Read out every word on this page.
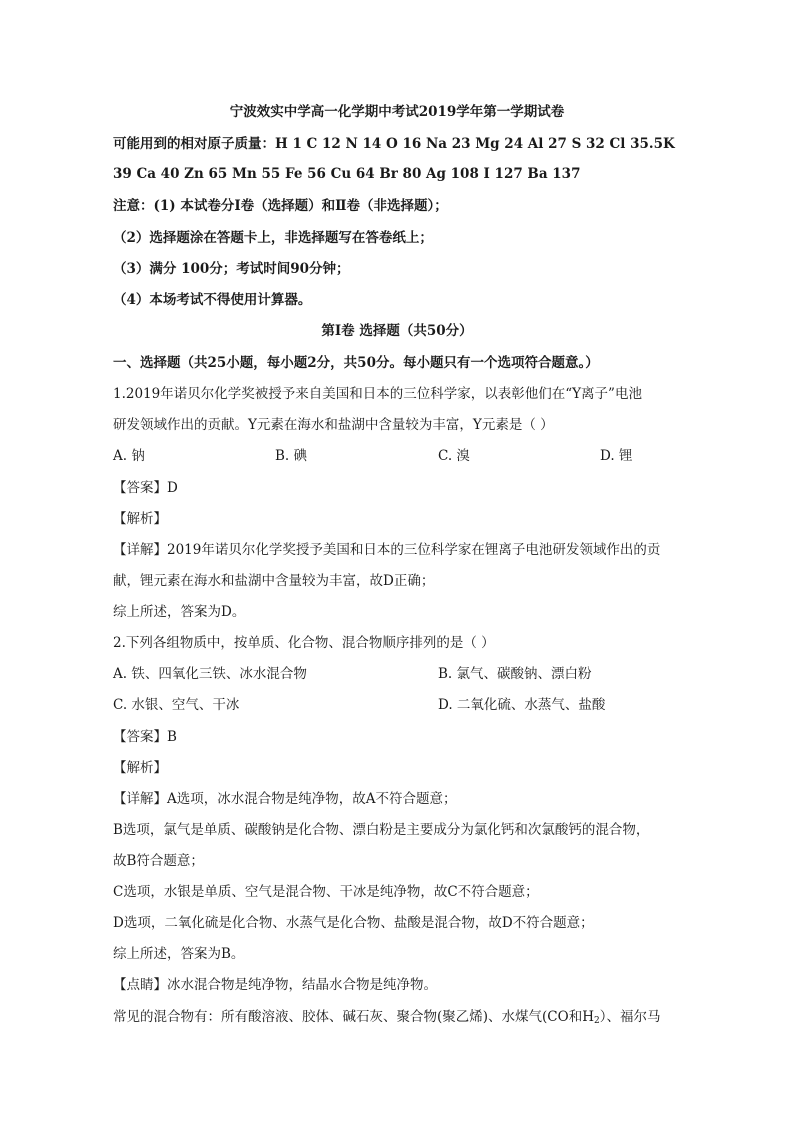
宁波效实中学高一化学期中考试2019学年第一学期试卷
可能用到的相对原子质量：H 1 C 12 N 14 O 16 Na 23 Mg 24 Al 27 S 32 Cl 35.5K
39 Ca 40 Zn 65 Mn 55 Fe 56 Cu 64 Br 80 Ag 108 I 127 Ba 137
注意：(1) 本试卷分Ⅰ卷（选择题）和Ⅱ卷（非选择题）；
（2）选择题涂在答题卡上，非选择题写在答卷纸上；
（3）满分 100分；考试时间90分钟；
（4）本场考试不得使用计算器。
第Ⅰ卷 选择题（共50分）
一、选择题（共25小题，每小题2分，共50分。每小题只有一个选项符合题意。）
1.2019年诺贝尔化学奖被授予来自美国和日本的三位科学家，以表彰他们在“Y离子”电池
研发领域作出的贡献。Y元素在海水和盐湖中含量较为丰富，Y元素是（ ）
A. 钠	B. 碘	C. 溴	D. 锂
【答案】D
【解析】
【详解】2019年诺贝尔化学奖授予美国和日本的三位科学家在锂离子电池研发领域作出的贡
献，锂元素在海水和盐湖中含量较为丰富，故D正确；
综上所述，答案为D。
2.下列各组物质中，按单质、化合物、混合物顺序排列的是（ ）
A. 铁、四氧化三铁、冰水混合物	B. 氯气、碳酸钠、漂白粉
C. 水银、空气、干冰	D. 二氧化硫、水蒸气、盐酸
【答案】B
【解析】
【详解】A选项，冰水混合物是纯净物，故A不符合题意；
B选项，氯气是单质、碳酸钠是化合物、漂白粉是主要成分为氯化钙和次氯酸钙的混合物，
故B符合题意；
C选项，水银是单质、空气是混合物、干冰是纯净物，故C不符合题意；
D选项，二氧化硫是化合物、水蒸气是化合物、盐酸是混合物，故D不符合题意；
综上所述，答案为B。
【点睛】冰水混合物是纯净物，结晶水合物是纯净物。
常见的混合物有：所有酸溶液、胶体、碱石灰、聚合物(聚乙烯)、水煤气(CO和$H_2$）、福尔马
